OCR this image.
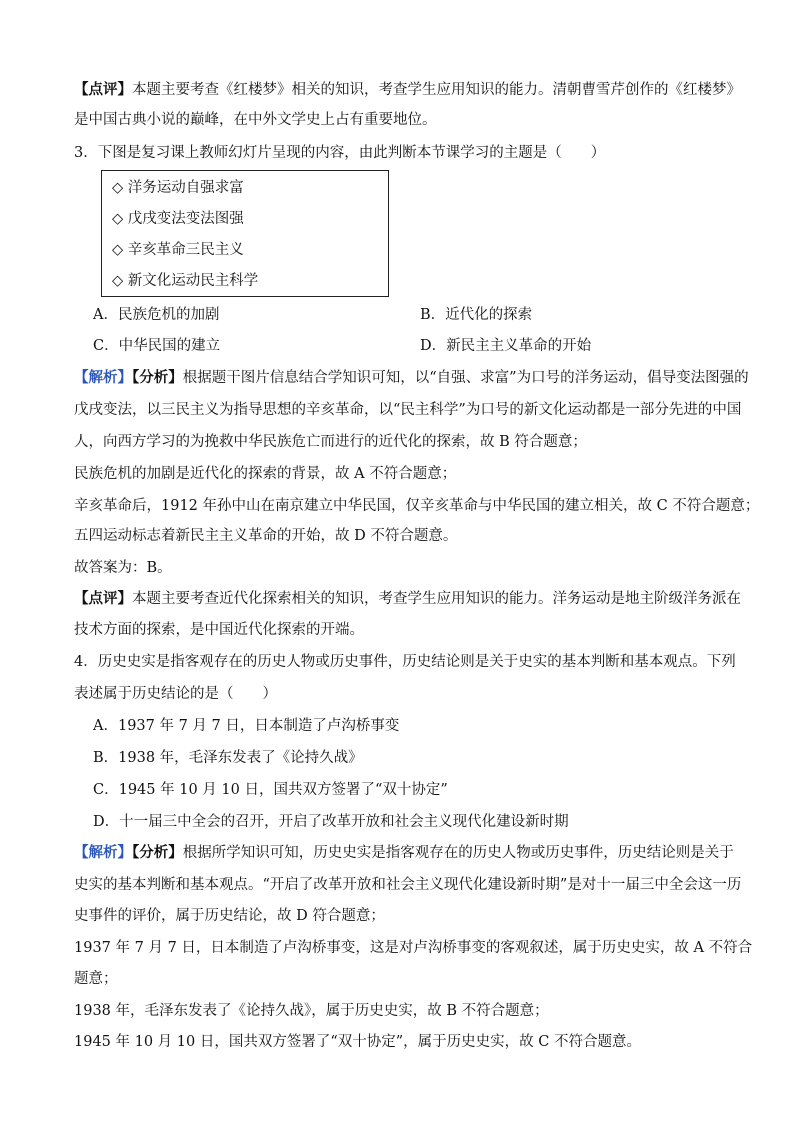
【点评】本题主要考查《红楼梦》相关的知识，考查学生应用知识的能力。清朝曹雪芹创作的《红楼梦》
是中国古典小说的巅峰，在中外文学史上占有重要地位。
3．下图是复习课上教师幻灯片呈现的内容，由此判断本节课学习的主题是（　　）
◇ 洋务运动自强求富
◇ 戊戌变法变法图强
◇ 辛亥革命三民主义
◇ 新文化运动民主科学
A．民族危机的加剧	B．近代化的探索
C．中华民国的建立	D．新民主主义革命的开始
【解析】【分析】根据题干图片信息结合学知识可知，以“自强、求富”为口号的洋务运动，倡导变法图强的
戊戌变法，以三民主义为指导思想的辛亥革命，以“民主科学”为口号的新文化运动都是一部分先进的中国
人，向西方学习的为挽救中华民族危亡而进行的近代化的探索，故 B 符合题意；
民族危机的加剧是近代化的探索的背景，故 A 不符合题意；
辛亥革命后，1912 年孙中山在南京建立中华民国，仅辛亥革命与中华民国的建立相关，故 C 不符合题意；
五四运动标志着新民主主义革命的开始，故 D 不符合题意。
故答案为：B。
【点评】本题主要考查近代化探索相关的知识，考查学生应用知识的能力。洋务运动是地主阶级洋务派在
技术方面的探索，是中国近代化探索的开端。
4．历史史实是指客观存在的历史人物或历史事件，历史结论则是关于史实的基本判断和基本观点。下列
表述属于历史结论的是（　　）
A．1937 年 7 月 7 日，日本制造了卢沟桥事变
B．1938 年，毛泽东发表了《论持久战》
C．1945 年 10 月 10 日，国共双方签署了“双十协定”
D．十一届三中全会的召开，开启了改革开放和社会主义现代化建设新时期
【解析】【分析】根据所学知识可知，历史史实是指客观存在的历史人物或历史事件，历史结论则是关于
史实的基本判断和基本观点。“开启了改革开放和社会主义现代化建设新时期”是对十一届三中全会这一历
史事件的评价，属于历史结论，故 D 符合题意；
1937 年 7 月 7 日，日本制造了卢沟桥事变，这是对卢沟桥事变的客观叙述，属于历史史实，故 A 不符合
题意；
1938 年，毛泽东发表了《论持久战》，属于历史史实，故 B 不符合题意；
1945 年 10 月 10 日，国共双方签署了“双十协定”，属于历史史实，故 C 不符合题意。
